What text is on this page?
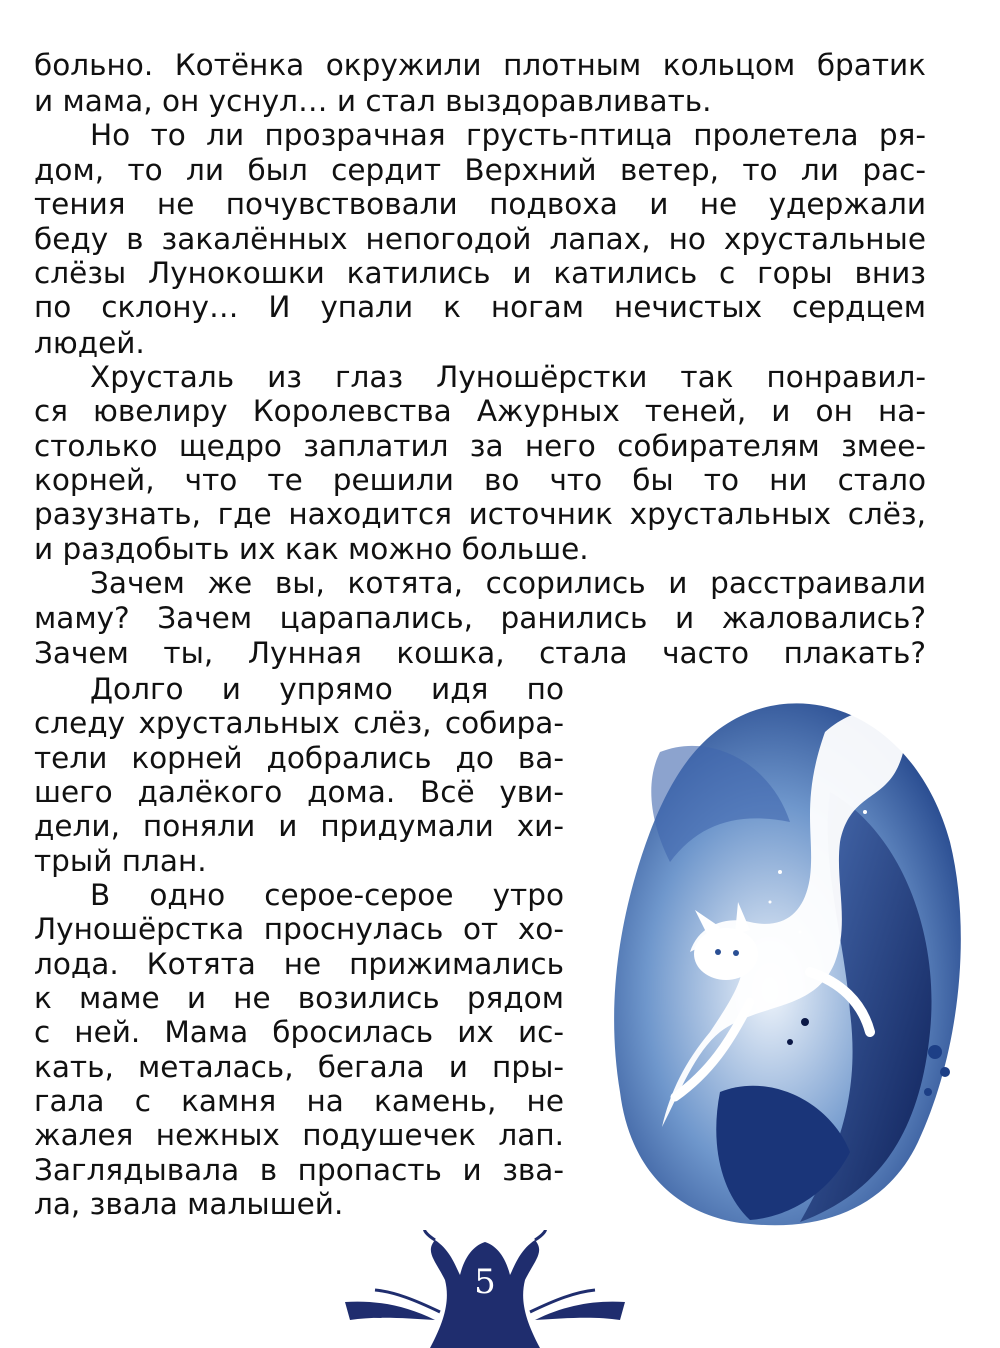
больно. Котёнка окружили плотным кольцом братик
и мама, он уснул… и стал выздоравливать.
Но то ли прозрачная грусть-птица пролетела ря-
дом, то ли был сердит Верхний ветер, то ли рас-
тения не почувствовали подвоха и не удержали
беду в закалённых непогодой лапах, но хрустальные
слёзы Лунокошки катились и катились с горы вниз
по склону… И упали к ногам нечистых сердцем
людей.
Хрусталь из глаз Луношёрстки так понравил-
ся ювелиру Королевства Ажурных теней, и он на-
столько щедро заплатил за него собирателям змее-
корней, что те решили во что бы то ни стало
разузнать, где находится источник хрустальных слёз,
и раздобыть их как можно больше.
Зачем же вы, котята, ссорились и расстраивали
маму? Зачем царапались, ранились и жаловались?
Зачем ты, Лунная кошка, стала часто плакать?
Долго и упрямо идя по
следу хрустальных слёз, собира-
тели корней добрались до ва-
шего далёкого дома. Всё уви-
дели, поняли и придумали хи-
трый план.
В одно серое-серое утро
Луношёрстка проснулась от хо-
лода. Котята не прижимались
к маме и не возились рядом
с ней. Мама бросилась их ис-
кать, металась, бегала и пры-
гала с камня на камень, не
жалея нежных подушечек лап.
Заглядывала в пропасть и зва-
ла, звала малышей.
5
